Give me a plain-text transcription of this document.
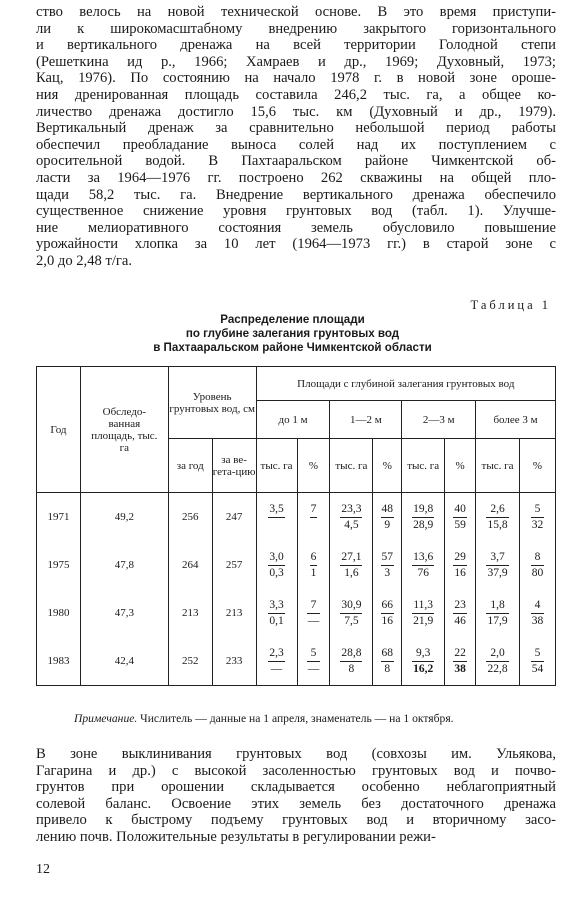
ство велось на новой технической основе. В это время приступи-
ли к широкомасштабному внедрению закрытого горизонтального
и вертикального дренажа на всей территории Голодной степи
(Решеткина ид р., 1966; Хамраев и др., 1969; Духовный, 1973;
Кац, 1976). По состоянию на начало 1978 г. в новой зоне ороше-
ния дренированная площадь составила 246,2 тыс. га, а общее ко-
личество дренажа достигло 15,6 тыс. км (Духовный и др., 1979).
Вертикальный дренаж за сравнительно небольшой период работы
обеспечил преобладание выноса солей над их поступлением с
оросительной водой. В Пахтааральском районе Чимкентской об-
ласти за 1964—1976 гг. построено 262 скважины на общей пло-
щади 58,2 тыс. га. Внедрение вертикального дренажа обеспечило
существенное снижение уровня грунтовых вод (табл. 1). Улучше-
ние мелиоративного состояния земель обусловило повышение
урожайности хлопка за 10 лет (1964—1973 гг.) в старой зоне с
2,0 до 2,48 т/га.
Таблица 1
Распределение площади
по глубине залегания грунтовых вод
в Пахтааральском районе Чимкентской области
Год	Обследо-ванная площадь, тыс. га	Уровень грунтовых вод, см		Площади с глубиной залегания грунтовых вод							
				до 1 м		1—2 м		2—3 м		более 3 м	
		за год	за ве-гета-цию	тыс. га	%	тыс. га	%	тыс. га	%	тыс. га	%

1971	49,2	256	247	3,5	7	$\frac{23,3}{4,5}$	$\frac{48}{9}$	$\frac{19,8}{28,9}$	$\frac{40}{59}$	$\frac{2,6}{15,8}$	$\frac{5}{32}$

1975	47,8	264	257	$\frac{3,0}{0,3}$	$\frac{6}{1}$	$\frac{27,1}{1,6}$	$\frac{57}{3}$	$\frac{13,6}{76}$	$\frac{29}{16}$	$\frac{3,7}{37,9}$	$\frac{8}{80}$

1980	47,3	213	213	$\frac{3,3}{0,1}$	$\frac{7}{—}$	$\frac{30,9}{7,5}$	$\frac{66}{16}$	$\frac{11,3}{21,9}$	$\frac{23}{46}$	$\frac{1,8}{17,9}$	$\frac{4}{38}$

1983	42,4	252	233	$\frac{2,3}{—}$	$\frac{5}{—}$	$\frac{28,8}{8}$	$\frac{68}{8}$	$\frac{9,3}{16,2}$	$\frac{22}{38}$	$\frac{2,0}{22,8}$	$\frac{5}{54}$
Примечание. Числитель — данные на 1 апреля, знаменатель — на 1 октября.
В зоне выклинивания грунтовых вод (совхозы им. Ульякова,
Гагарина и др.) с высокой засоленностью грунтовых вод и почво-
грунтов при орошении складывается особенно неблагоприятный
солевой баланс. Освоение этих земель без достаточного дренажа
привело к быстрому подъему грунтовых вод и вторичному засо-
лению почв. Положительные результаты в регулировании режи-
12
